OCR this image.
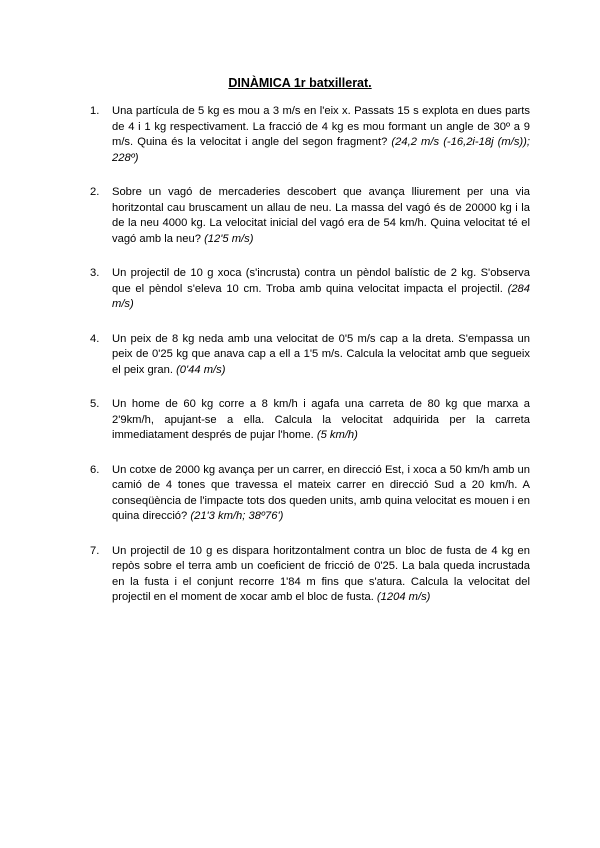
DINÀMICA 1r batxillerat.
1. Una partícula de 5 kg es mou a 3 m/s en l'eix x. Passats 15 s explota en dues parts de 4 i 1 kg respectivament. La fracció de 4 kg es mou formant un angle de 30º a 9 m/s. Quina és la velocitat i angle del segon fragment? (24,2 m/s (-16,2i-18j (m/s)); 228º)
2. Sobre un vagó de mercaderies descobert que avança lliurement per una via horitzontal cau bruscament un allau de neu. La massa del vagó és de 20000 kg i la de la neu 4000 kg. La velocitat inicial del vagó era de 54 km/h. Quina velocitat té el vagó amb la neu? (12'5 m/s)
3. Un projectil de 10 g xoca (s'incrusta) contra un pèndol balístic de 2 kg. S'observa que el pèndol s'eleva 10 cm. Troba amb quina velocitat impacta el projectil. (284 m/s)
4. Un peix de 8 kg neda amb una velocitat de 0'5 m/s cap a la dreta. S'empassa un peix de 0'25 kg que anava cap a ell a 1'5 m/s. Calcula la velocitat amb que segueix el peix gran. (0'44 m/s)
5. Un home de 60 kg corre a 8 km/h i agafa una carreta de 80 kg que marxa a 2'9km/h, apujant-se a ella. Calcula la velocitat adquirida per la carreta immediatament després de pujar l'home. (5 km/h)
6. Un cotxe de 2000 kg avança per un carrer, en direcció Est, i xoca a 50 km/h amb un camió de 4 tones que travessa el mateix carrer en direcció Sud a 20 km/h. A conseqüència de l'impacte tots dos queden units, amb quina velocitat es mouen i en quina direcció? (21'3 km/h; 38º76')
7. Un projectil de 10 g es dispara horitzontalment contra un bloc de fusta de 4 kg en repòs sobre el terra amb un coeficient de fricció de 0'25. La bala queda incrustada en la fusta i el conjunt recorre 1'84 m fins que s'atura. Calcula la velocitat del projectil en el moment de xocar amb el bloc de fusta. (1204 m/s)
